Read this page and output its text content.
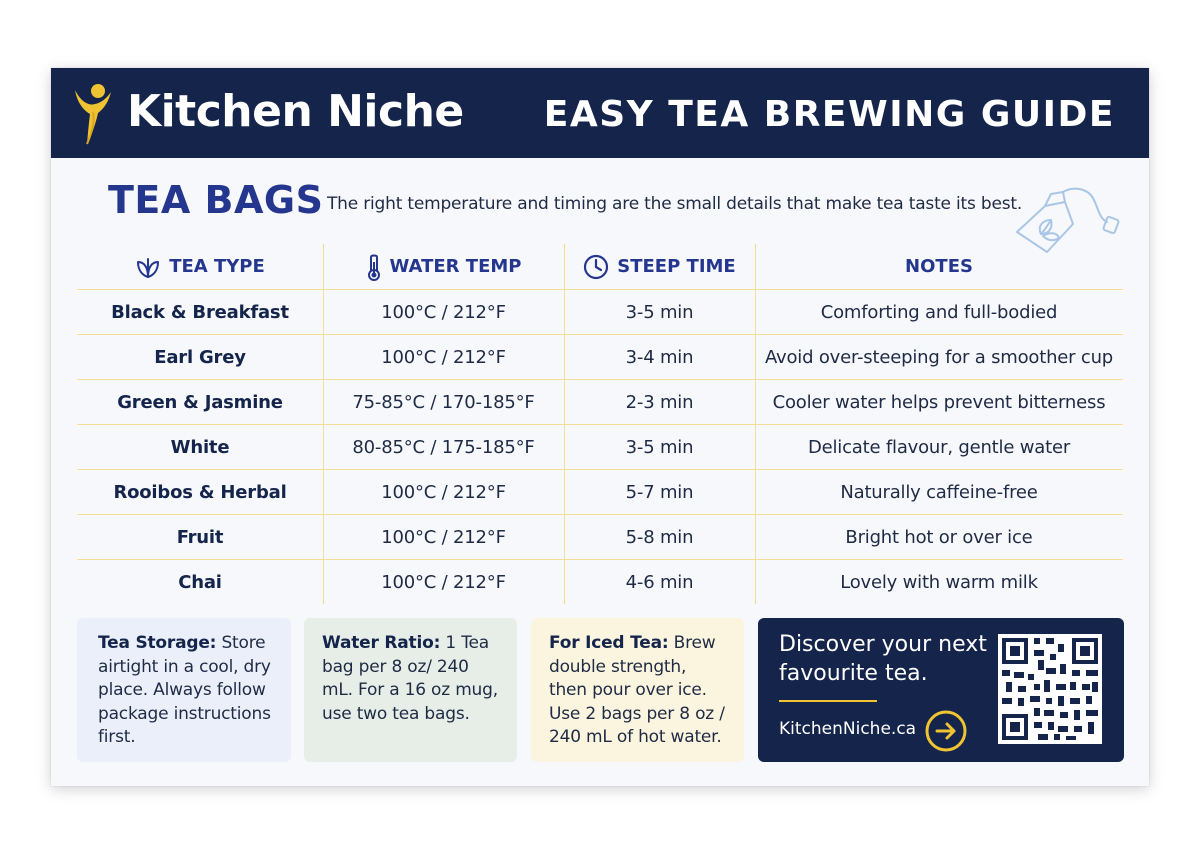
Kitchen Niche EASY TEA BREWING GUIDE
TEA BAGS The right temperature and timing are the small details that make tea taste its best.
TEA TYPE	WATER TEMP	STEEP TIME	NOTES
Black & Breakfast	100°C / 212°F	3-5 min	Comforting and full-bodied
Earl Grey	100°C / 212°F	3-4 min	Avoid over-steeping for a smoother cup
Green & Jasmine	75-85°C / 170-185°F	2-3 min	Cooler water helps prevent bitterness
White	80-85°C / 175-185°F	3-5 min	Delicate flavour, gentle water
Rooibos & Herbal	100°C / 212°F	5-7 min	Naturally caffeine-free
Fruit	100°C / 212°F	5-8 min	Bright hot or over ice
Chai	100°C / 212°F	4-6 min	Lovely with warm milk
Tea Storage: Store airtight in a cool, dry place. Always follow package instructions first.
Water Ratio: 1 Tea bag per 8 oz/ 240 mL. For a 16 oz mug, use two tea bags.
For Iced Tea: Brew double strength, then pour over ice. Use 2 bags per 8 oz / 240 mL of hot water.
Discover your next favourite tea.
KitchenNiche.ca
